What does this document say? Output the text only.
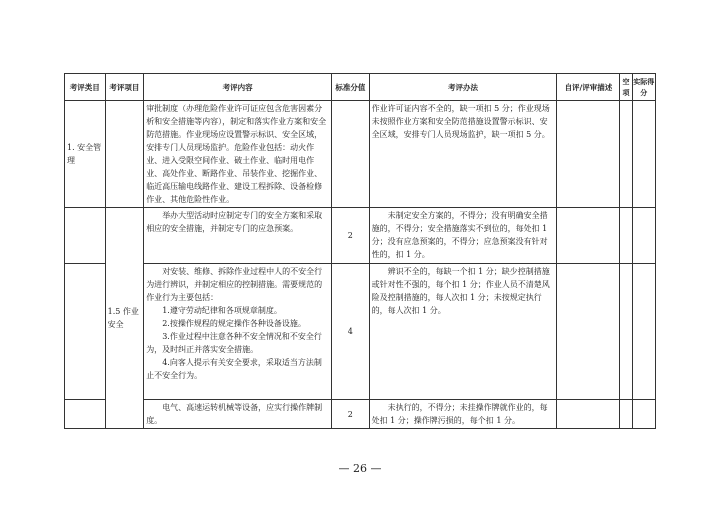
考评类目	考评项目	考评内容	标准分值	考评办法	自评/评审描述	空项	实际得分
1. 安全管理		审批制度（办理危险作业许可证应包含危害因素分析和安全措施等内容），制定和落实作业方案和安全防范措施。作业现场应设置警示标识、安全区域，安排专门人员现场监护。危险作业包括：动火作业、进入受限空间作业、破土作业、临时用电作业、高处作业、断路作业、吊装作业、挖掘作业、临近高压输电线路作业、建设工程拆除、设备检修作业、其他危险性作业。		作业许可证内容不全的，缺一项扣 5 分；作业现场未按照作业方案和安全防范措施设置警示标识、安全区域，安排专门人员现场监护，缺一项扣 5 分。			
	1.5 作业安全	举办大型活动时应制定专门的安全方案和采取相应的安全措施，并制定专门的应急预案。	2	未制定安全方案的，不得分；没有明确安全措施的，不得分；安全措施落实不到位的，每处扣 1 分；没有应急预案的，不得分；应急预案没有针对性的，扣 1 分。			

		对安装、维修、拆除作业过程中人的不安全行为进行辨识，并制定相应的控制措施。需要规范的作业行为主要包括：
1.遵守劳动纪律和各项规章制度。
2.按操作规程的规定操作各种设备设施。
3.作业过程中注意各种不安全情况和不安全行为，及时纠正并落实安全措施。
4.向客人提示有关安全要求，采取适当方法制止不安全行为。	4	辨识不全的，每缺一个扣 1 分；缺少控制措施或针对性不强的，每个扣 1 分；作业人员不清楚风险及控制措施的，每人次扣 1 分；未按规定执行的，每人次扣 1 分。			
		电气、高速运转机械等设备，应实行操作牌制度。	2	未执行的，不得分；未挂操作牌就作业的，每处扣 1 分；操作牌污损的，每个扣 1 分。			
— 26 —
